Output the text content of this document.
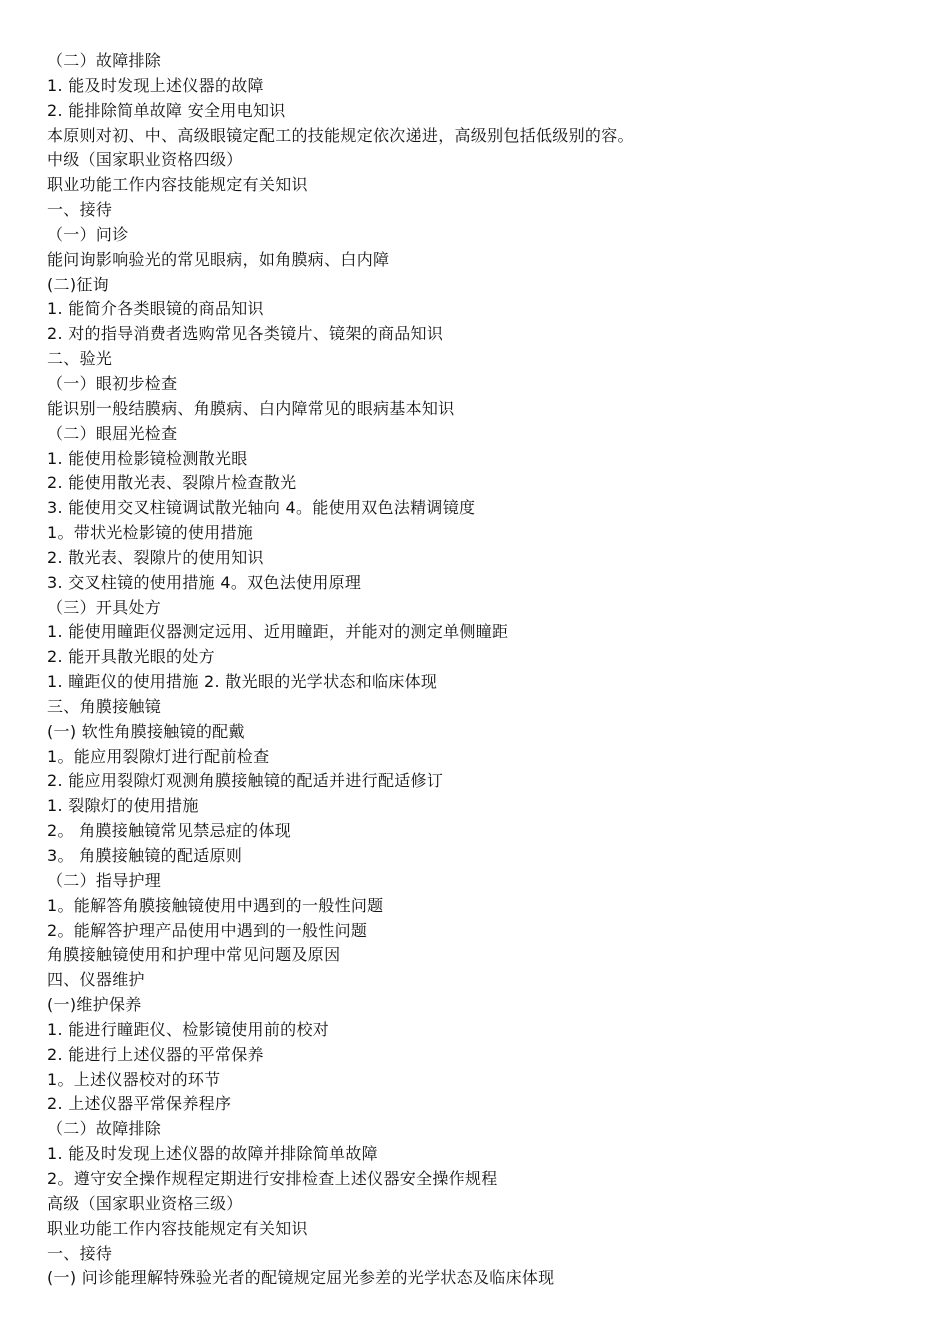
（二）故障排除
1. 能及时发现上述仪器的故障
2. 能排除简单故障 安全用电知识
本原则对初、中、高级眼镜定配工的技能规定依次递进，高级别包括低级别的容。
中级（国家职业资格四级）
职业功能工作内容技能规定有关知识
一、接待
（一）问诊
能问询影响验光的常见眼病，如角膜病、白内障
(二)征询
1. 能简介各类眼镜的商品知识
2. 对的指导消费者选购常见各类镜片、镜架的商品知识
二、验光
（一）眼初步检查
能识别一般结膜病、角膜病、白内障常见的眼病基本知识
（二）眼屈光检查
1. 能使用检影镜检测散光眼
2. 能使用散光表、裂隙片检查散光
3. 能使用交叉柱镜调试散光轴向 4。能使用双色法精调镜度
1。带状光检影镜的使用措施
2. 散光表、裂隙片的使用知识
3. 交叉柱镜的使用措施 4。双色法使用原理
（三）开具处方
1. 能使用瞳距仪器测定远用、近用瞳距，并能对的测定单侧瞳距
2. 能开具散光眼的处方
1. 瞳距仪的使用措施 2. 散光眼的光学状态和临床体现
三、角膜接触镜
(一) 软性角膜接触镜的配戴
1。能应用裂隙灯进行配前检查
2. 能应用裂隙灯观测角膜接触镜的配适并进行配适修订
1. 裂隙灯的使用措施
2。 角膜接触镜常见禁忌症的体现
3。 角膜接触镜的配适原则
（二）指导护理
1。能解答角膜接触镜使用中遇到的一般性问题
2。能解答护理产品使用中遇到的一般性问题
角膜接触镜使用和护理中常见问题及原因
四、仪器维护
(一)维护保养
1. 能进行瞳距仪、检影镜使用前的校对
2. 能进行上述仪器的平常保养
1。上述仪器校对的环节
2. 上述仪器平常保养程序
（二）故障排除
1. 能及时发现上述仪器的故障并排除简单故障
2。遵守安全操作规程定期进行安排检查上述仪器安全操作规程
高级（国家职业资格三级）
职业功能工作内容技能规定有关知识
一、接待
(一) 问诊能理解特殊验光者的配镜规定屈光参差的光学状态及临床体现
